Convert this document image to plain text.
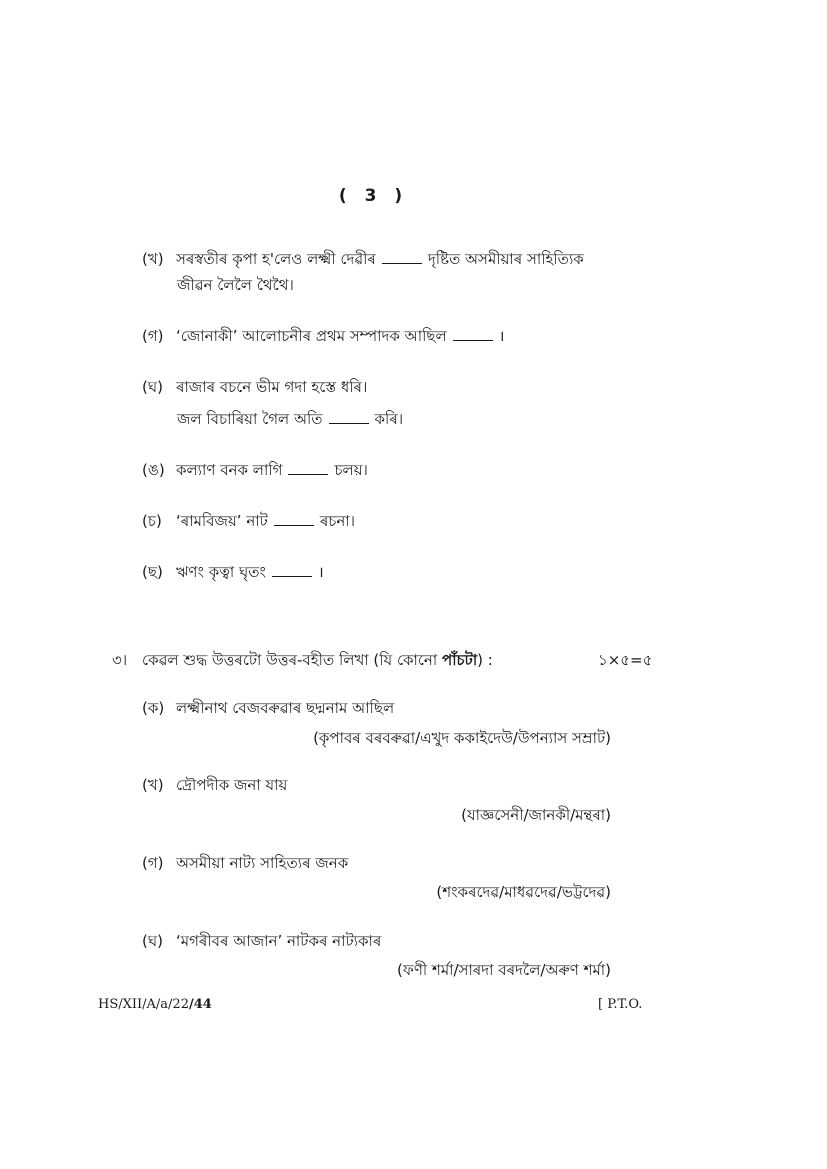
( 3 )
(খ) সৰস্বতীৰ কৃপা হ'লেও লক্ষ্মী দেৱীৰ	দৃষ্টিত অসমীয়াৰ সাহিত্যিক
জীৱন লৈলৈ থৈথৈ।
(গ) ‘জোনাকী’ আলোচনীৰ প্ৰথম সম্পাদক আছিল	।
(ঘ) ৰাজাৰ বচনে ভীম গদা হস্তে ধৰি।
জল বিচাৰিয়া গৈল অতি	কৰি।
(ঙ) কল্যাণ বনক লাগি	চলয়।
(চ) ‘ৰামবিজয়’ নাট	ৰচনা।
(ছ) ঋণং কৃত্বা ঘৃতং	।
৩। কেৱল শুদ্ধ উত্তৰটো উত্তৰ-বহীত লিখা (যি কোনো পাঁচটা) :	১×৫=৫
(ক) লক্ষ্মীনাথ বেজবৰুৱাৰ ছদ্মনাম আছিল
(কৃপাবৰ বৰবৰুৱা/এখুদ ককাইদেউ/উপন্যাস সম্ৰাট)
(খ) দ্ৰৌপদীক জনা যায়
(যাজ্ঞসেনী/জানকী/মন্থৰা)
(গ) অসমীয়া নাট্য সাহিত্যৰ জনক
(শংকৰদেৱ/মাধৱদেৱ/ভট্টদেৱ)
(ঘ) ‘মগৰীবৰ আজান’ নাটকৰ নাট্যকাৰ
(ফণী শৰ্মা/সাৰদা বৰদলৈ/অৰুণ শৰ্মা)
HS/XII/A/a/22/44	[ P.T.O.
